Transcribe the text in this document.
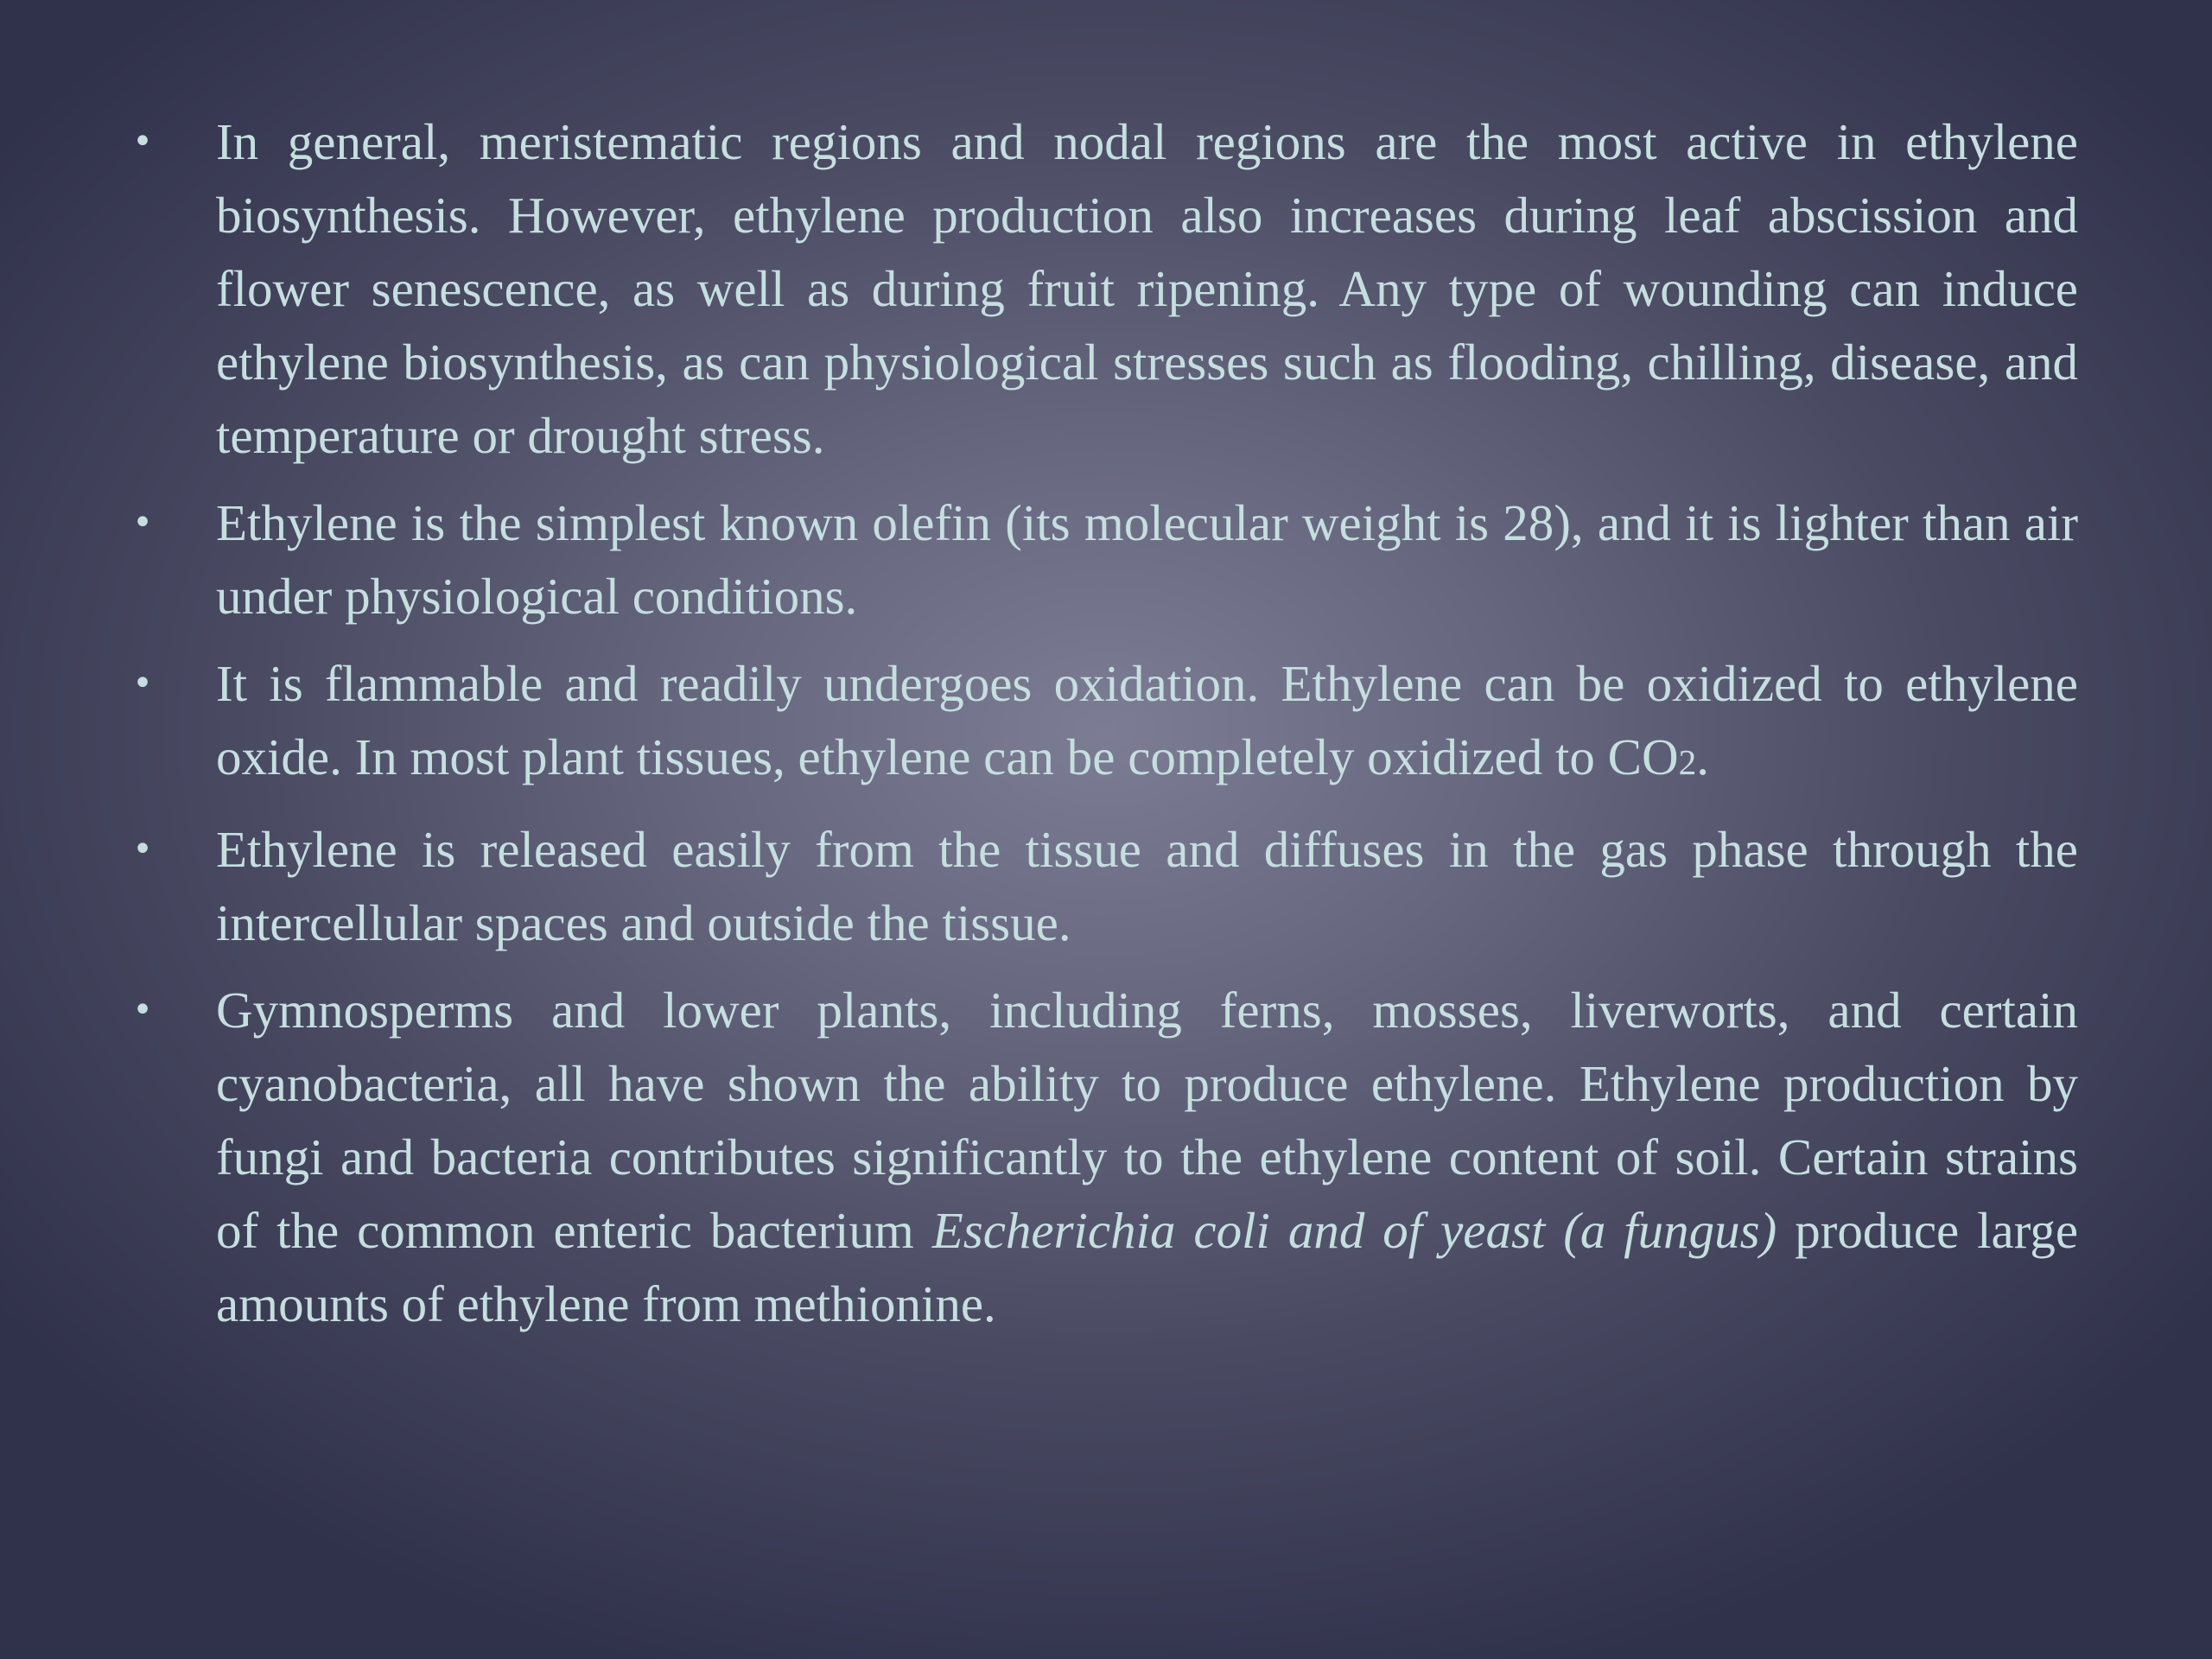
• In general, meristematic regions and nodal regions are the most active in ethylene biosynthesis. However, ethylene production also increases during leaf abscission and flower senescence, as well as during fruit ripening. Any type of wounding can induce ethylene biosynthesis, as can physiological stresses such as flooding, chilling, disease, and temperature or drought stress.
• Ethylene is the simplest known olefin (its molecular weight is 28), and it is lighter than air under physiological conditions.
• It is flammable and readily undergoes oxidation. Ethylene can be oxidized to ethylene oxide. In most plant tissues, ethylene can be completely oxidized to CO2.
• Ethylene is released easily from the tissue and diffuses in the gas phase through the intercellular spaces and outside the tissue.
• Gymnosperms and lower plants, including ferns, mosses, liverworts, and certain cyanobacteria, all have shown the ability to produce ethylene. Ethylene production by fungi and bacteria contributes significantly to the ethylene content of soil. Certain strains of the common enteric bacterium Escherichia coli and of yeast (a fungus) produce large amounts of ethylene from methionine.
